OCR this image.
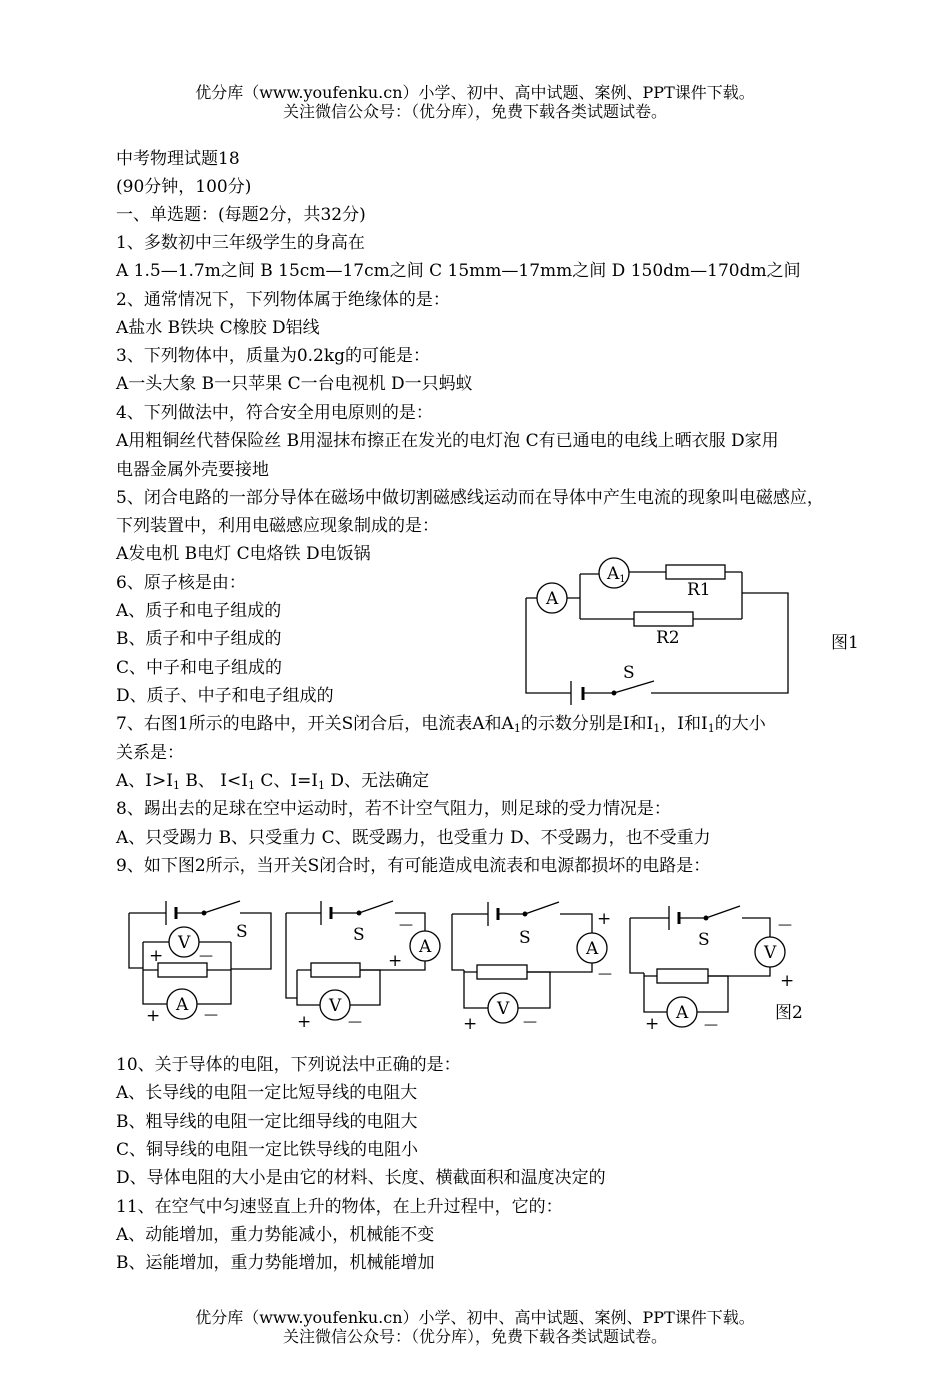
优分库（www.youfenku.cn）小学、初中、高中试题、案例、PPT课件下载。
关注微信公众号：（优分库），免费下载各类试题试卷。
中考物理试题18
(90分钟，100分)
一、单选题：(每题2分，共32分)
1、多数初中三年级学生的身高在
A 1.5—1.7m之间 B 15cm—17cm之间 C 15mm—17mm之间 D 150dm—170dm之间
2、通常情况下，下列物体属于绝缘体的是：
A盐水 B铁块 C橡胶 D铝线
3、下列物体中，质量为0.2kg的可能是：
A一头大象 B一只苹果 C一台电视机 D一只蚂蚁
4、下列做法中，符合安全用电原则的是：
A用粗铜丝代替保险丝 B用湿抹布擦正在发光的电灯泡 C有已通电的电线上晒衣服 D家用
电器金属外壳要接地
5、闭合电路的一部分导体在磁场中做切割磁感线运动而在导体中产生电流的现象叫电磁感应，
下列装置中，利用电磁感应现象制成的是：
A发电机 B电灯 C电烙铁 D电饭锅
6、原子核是由：
A、质子和电子组成的
B、质子和中子组成的
C、中子和电子组成的
D、质子、中子和电子组成的
7、右图1所示的电路中，开关S闭合后，电流表A和$A_1$的示数分别是I和$I_1$，I和$I_1$的大小
关系是：
A、$I>I_1$ B、 $I<I_1$ C、$I=I_1$ D、无法确定
8、踢出去的足球在空中运动时，若不计空气阻力，则足球的受力情况是：
A、只受踢力 B、只受重力 C、既受踢力，也受重力 D、不受踢力，也不受重力
9、如下图2所示，当开关S闭合时，有可能造成电流表和电源都损坏的电路是：
10、关于导体的电阻，下列说法中正确的是：
A、长导线的电阻一定比短导线的电阻大
B、粗导线的电阻一定比细导线的电阻大
C、铜导线的电阻一定比铁导线的电阻小
D、导体电阻的大小是由它的材料、长度、横截面积和温度决定的
11、在空气中匀速竖直上升的物体，在上升过程中，它的：
A、动能增加，重力势能减小，机械能不变
B、运能增加，重力势能增加，机械能增加
图1
图2
优分库（www.youfenku.cn）小学、初中、高中试题、案例、PPT课件下载。
关注微信公众号：（优分库），免费下载各类试题试卷。
A
A1
R1
R2
S
V
A
S
+	—
+	—
A
V
S —
+
+	—
A
V
S
+
—
+	—
V
A
S
—
+
+	—
